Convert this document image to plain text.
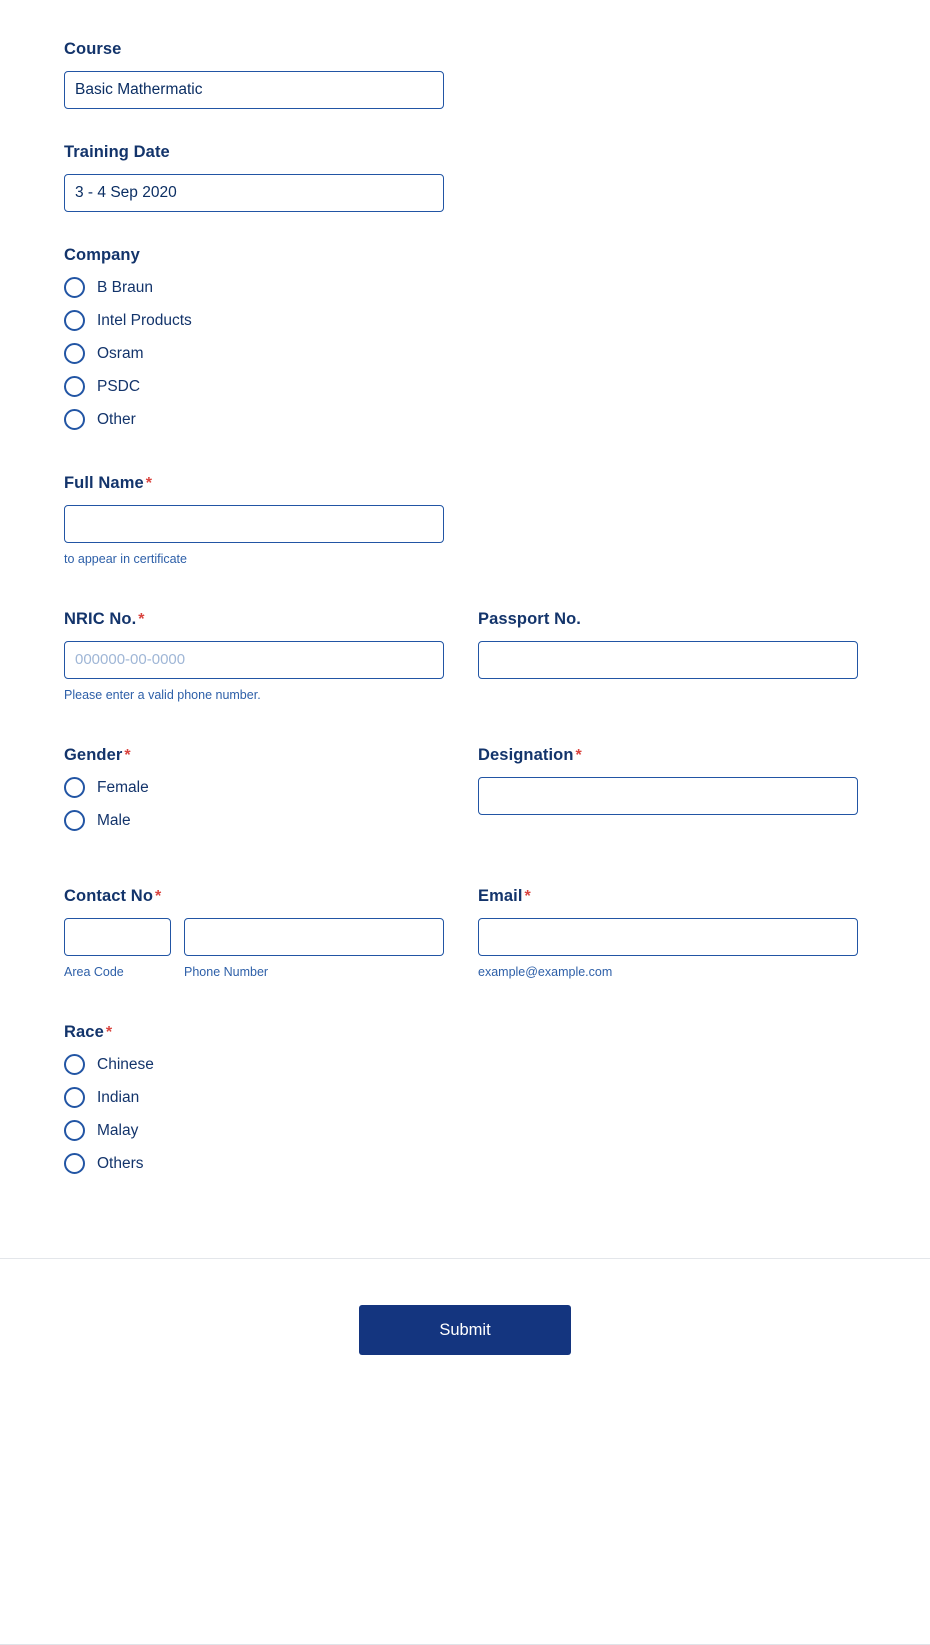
Course
Basic Mathermatic
Training Date
3 - 4 Sep 2020
Company
B Braun
Intel Products
Osram
PSDC
Other
Full Name *
to appear in certificate
NRIC No. *
000000-00-0000
Please enter a valid phone number.
Passport No.
Gender *
Female
Male
Designation *
Contact No *
Area Code	Phone Number
Email *
example@example.com
Race *
Chinese
Indian
Malay
Others
Submit
